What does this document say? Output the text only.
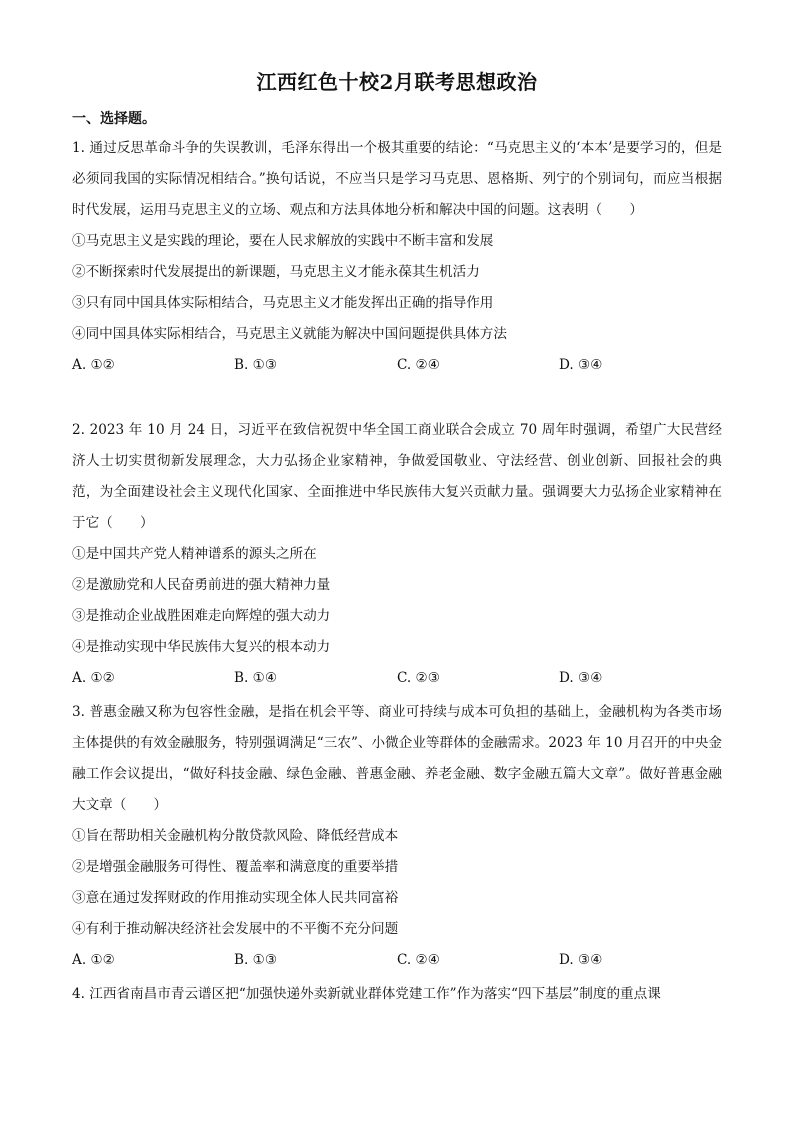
江西红色十校2月联考思想政治
一、选择题。

1. 通过反思革命斗争的失误教训，毛泽东得出一个极其重要的结论：“马克思主义的‘本本’是要学习的，但是必须同我国的实际情况相结合。”换句话说，不应当只是学习马克思、恩格斯、列宁的个别词句，而应当根据时代发展，运用马克思主义的立场、观点和方法具体地分析和解决中国的问题。这表明（　　）

①马克思主义是实践的理论，要在人民求解放的实践中不断丰富和发展

②不断探索时代发展提出的新课题，马克思主义才能永葆其生机活力

③只有同中国具体实际相结合，马克思主义才能发挥出正确的指导作用

④同中国具体实际相结合，马克思主义就能为解决中国问题提供具体方法

A. ①②	B. ①③	C. ②④	D. ③④

2. 2023 年 10 月 24 日，习近平在致信祝贺中华全国工商业联合会成立 70 周年时强调，希望广大民营经济人士切实贯彻新发展理念，大力弘扬企业家精神，争做爱国敬业、守法经营、创业创新、回报社会的典范，为全面建设社会主义现代化国家、全面推进中华民族伟大复兴贡献力量。强调要大力弘扬企业家精神在于它（　　）

①是中国共产党人精神谱系的源头之所在

②是激励党和人民奋勇前进的强大精神力量

③是推动企业战胜困难走向辉煌的强大动力

④是推动实现中华民族伟大复兴的根本动力

A. ①②	B. ①④	C. ②③	D. ③④

3. 普惠金融又称为包容性金融，是指在机会平等、商业可持续与成本可负担的基础上，金融机构为各类市场主体提供的有效金融服务，特别强调满足“三农”、小微企业等群体的金融需求。2023 年 10 月召开的中央金融工作会议提出，“做好科技金融、绿色金融、普惠金融、养老金融、数字金融五篇大文章”。做好普惠金融大文章（　　）

①旨在帮助相关金融机构分散贷款风险、降低经营成本

②是增强金融服务可得性、覆盖率和满意度的重要举措

③意在通过发挥财政的作用推动实现全体人民共同富裕

④有利于推动解决经济社会发展中的不平衡不充分问题

A. ①②	B. ①③	C. ②④	D. ③④

4. 江西省南昌市青云谱区把“加强快递外卖新就业群体党建工作”作为落实“四下基层”制度的重点课
